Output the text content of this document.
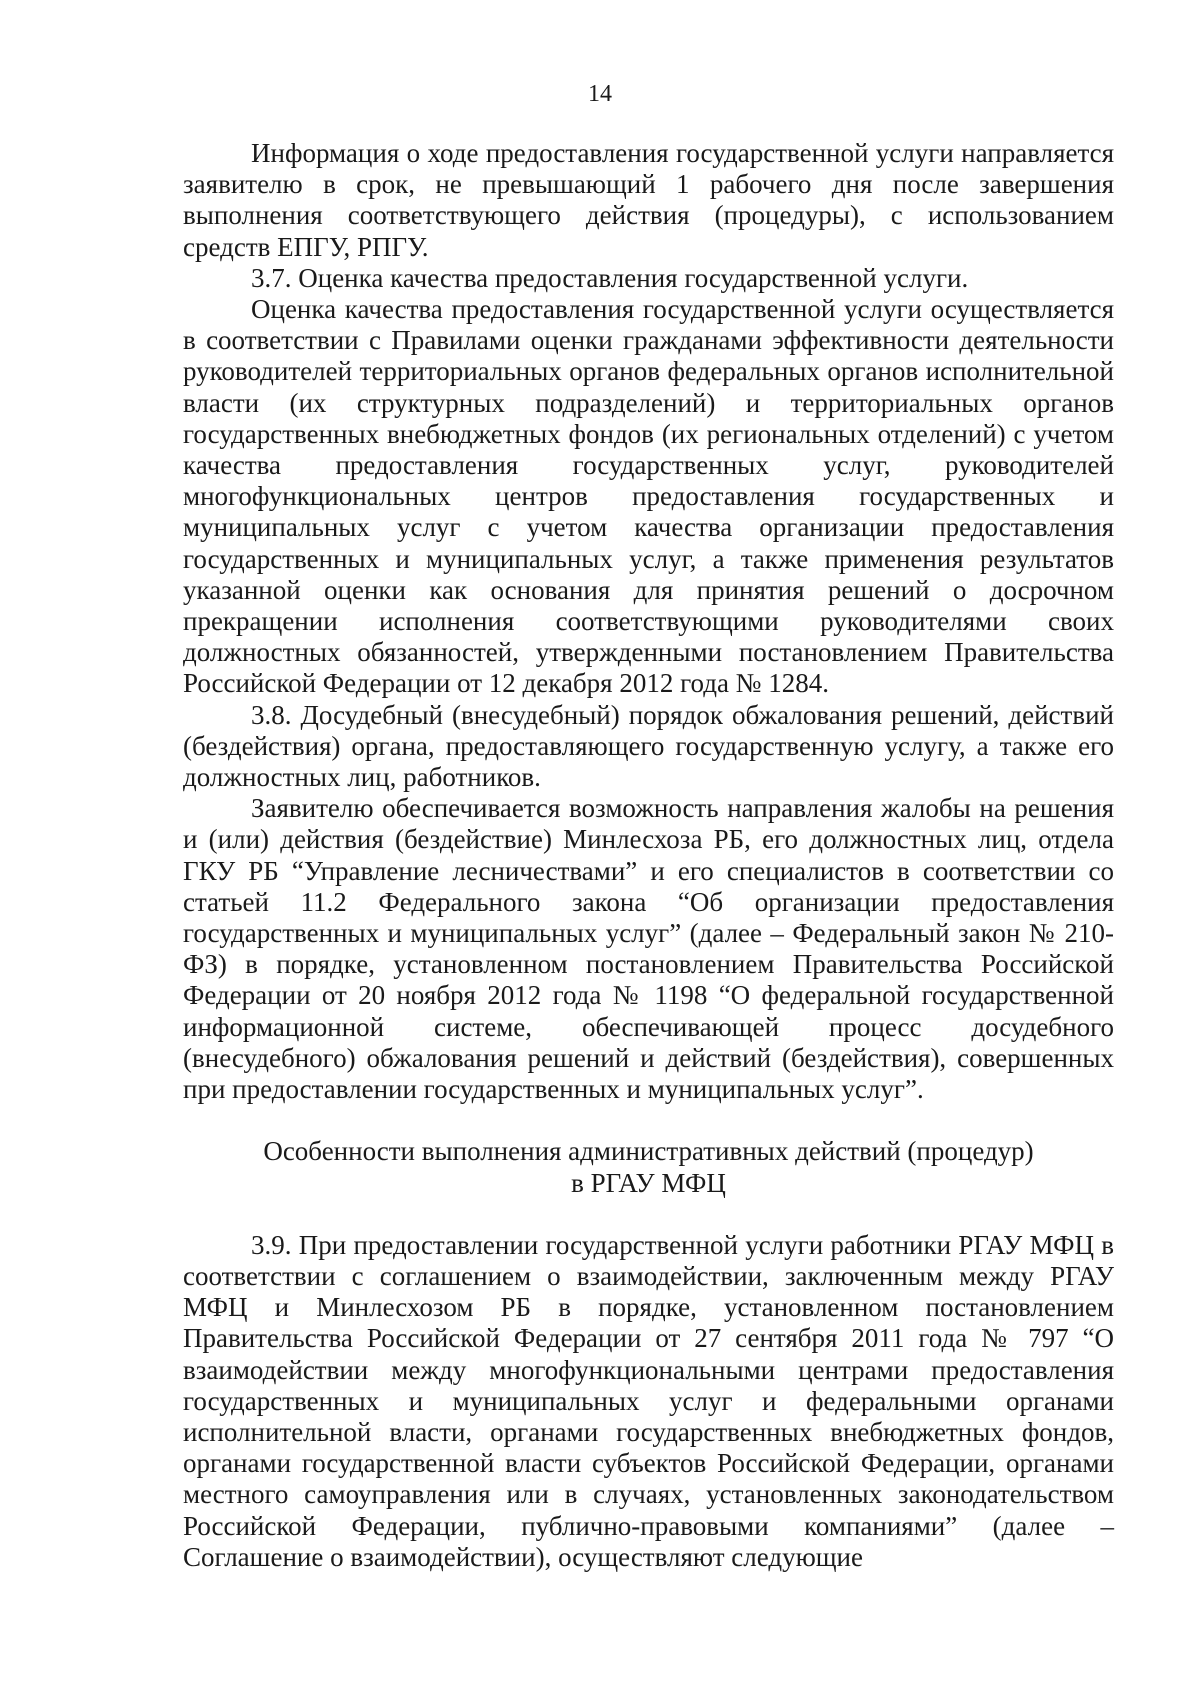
14

Информация о ходе предоставления государственной услуги направляется заявителю в срок, не превышающий 1 рабочего дня после завершения выполнения соответствующего действия (процедуры), с использованием средств ЕПГУ, РПГУ.

3.7. Оценка качества предоставления государственной услуги.

Оценка качества предоставления государственной услуги осуществляется в соответствии с Правилами оценки гражданами эффективности деятельности руководителей территориальных органов федеральных органов исполнительной власти (их структурных подразделений) и территориальных органов государственных внебюджетных фондов (их региональных отделений) с учетом качества предоставления государственных услуг, руководителей многофункциональных центров предоставления государственных и муниципальных услуг с учетом качества организации предоставления государственных и муниципальных услуг, а также применения результатов указанной оценки как основания для принятия решений о досрочном прекращении исполнения соответствующими руководителями своих должностных обязанностей, утвержденными постановлением Правительства Российской Федерации от 12 декабря 2012 года № 1284.

3.8. Досудебный (внесудебный) порядок обжалования решений, действий (бездействия) органа, предоставляющего государственную услугу, а также его должностных лиц, работников.

Заявителю обеспечивается возможность направления жалобы на решения и (или) действия (бездействие) Минлесхоза РБ, его должностных лиц, отдела ГКУ РБ “Управление лесничествами” и его специалистов в соответствии со статьей 11.2 Федерального закона “Об организации предоставления государственных и муниципальных услуг” (далее – Федеральный закон № 210-ФЗ) в порядке, установленном постановлением Правительства Российской Федерации от 20 ноября 2012 года № 1198 “О федеральной государственной информационной системе, обеспечивающей процесс досудебного (внесудебного) обжалования решений и действий (бездействия), совершенных при предоставлении государственных и муниципальных услуг”.

Особенности выполнения административных действий (процедур)
в РГАУ МФЦ

3.9. При предоставлении государственной услуги работники РГАУ МФЦ в соответствии с соглашением о взаимодействии, заключенным между РГАУ МФЦ и Минлесхозом РБ в порядке, установленном постановлением Правительства Российской Федерации от 27 сентября 2011 года № 797 “О взаимодействии между многофункциональными центрами предоставления государственных и муниципальных услуг и федеральными органами исполнительной власти, органами государственных внебюджетных фондов, органами государственной власти субъектов Российской Федерации, органами местного самоуправления или в случаях, установленных законодательством Российской Федерации, публично-правовыми компаниями” (далее – Соглашение о взаимодействии), осуществляют следующие
